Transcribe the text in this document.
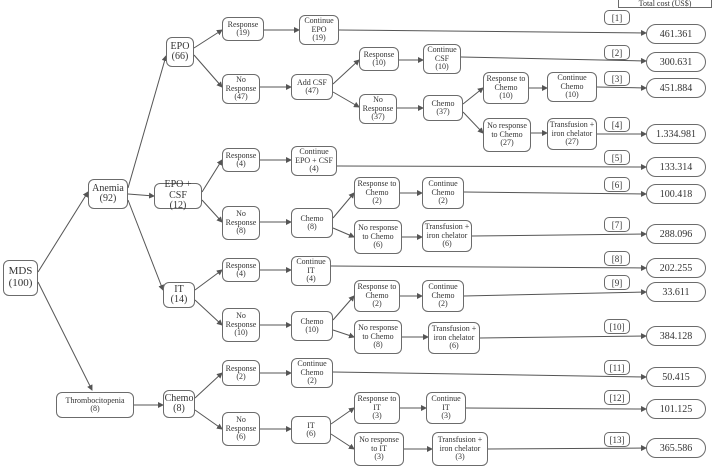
Total cost (US$)
MDS
(100)
Anemia
(92)
Thrombocitopenia
(8)
EPO
(66)
EPO + CSF
(12)
IT
(14)
Chemo
(8)
Response
(19)
Continue EPO
(19)
No Response
(47)
Add CSF
(47)
Response
(10)
Continue CSF
(10)
No Response
(37)
Chemo
(37)
Response to Chemo
(10)
Continue Chemo
(10)
No response to Chemo
(27)
Transfusion + iron chelator
(27)
Response
(4)
Continue EPO + CSF
(4)
No Response
(8)
Chemo
(8)
Response to Chemo
(2)
Continue Chemo
(2)
No response to Chemo
(6)
Transfusion + iron chelator
(6)
Response
(4)
Continue IT
(4)
No Response
(10)
Chemo
(10)
Response to Chemo
(2)
Continue Chemo
(2)
No response to Chemo
(8)
Transfusion + iron chelator
(6)
Response
(2)
Continue Chemo
(2)
No Response
(6)
IT
(6)
Response to IT
(3)
Continue IT
(3)
No response to IT
(3)
Transfusion + iron chelator
(3)
[1]
[2]
[3]
[4]
[5]
[6]
[7]
[8]
[9]
[10]
[11]
[12]
[13]
461.361
300.631
451.884
1.334.981
133.314
100.418
288.096
202.255
33.611
384.128
50.415
101.125
365.586
